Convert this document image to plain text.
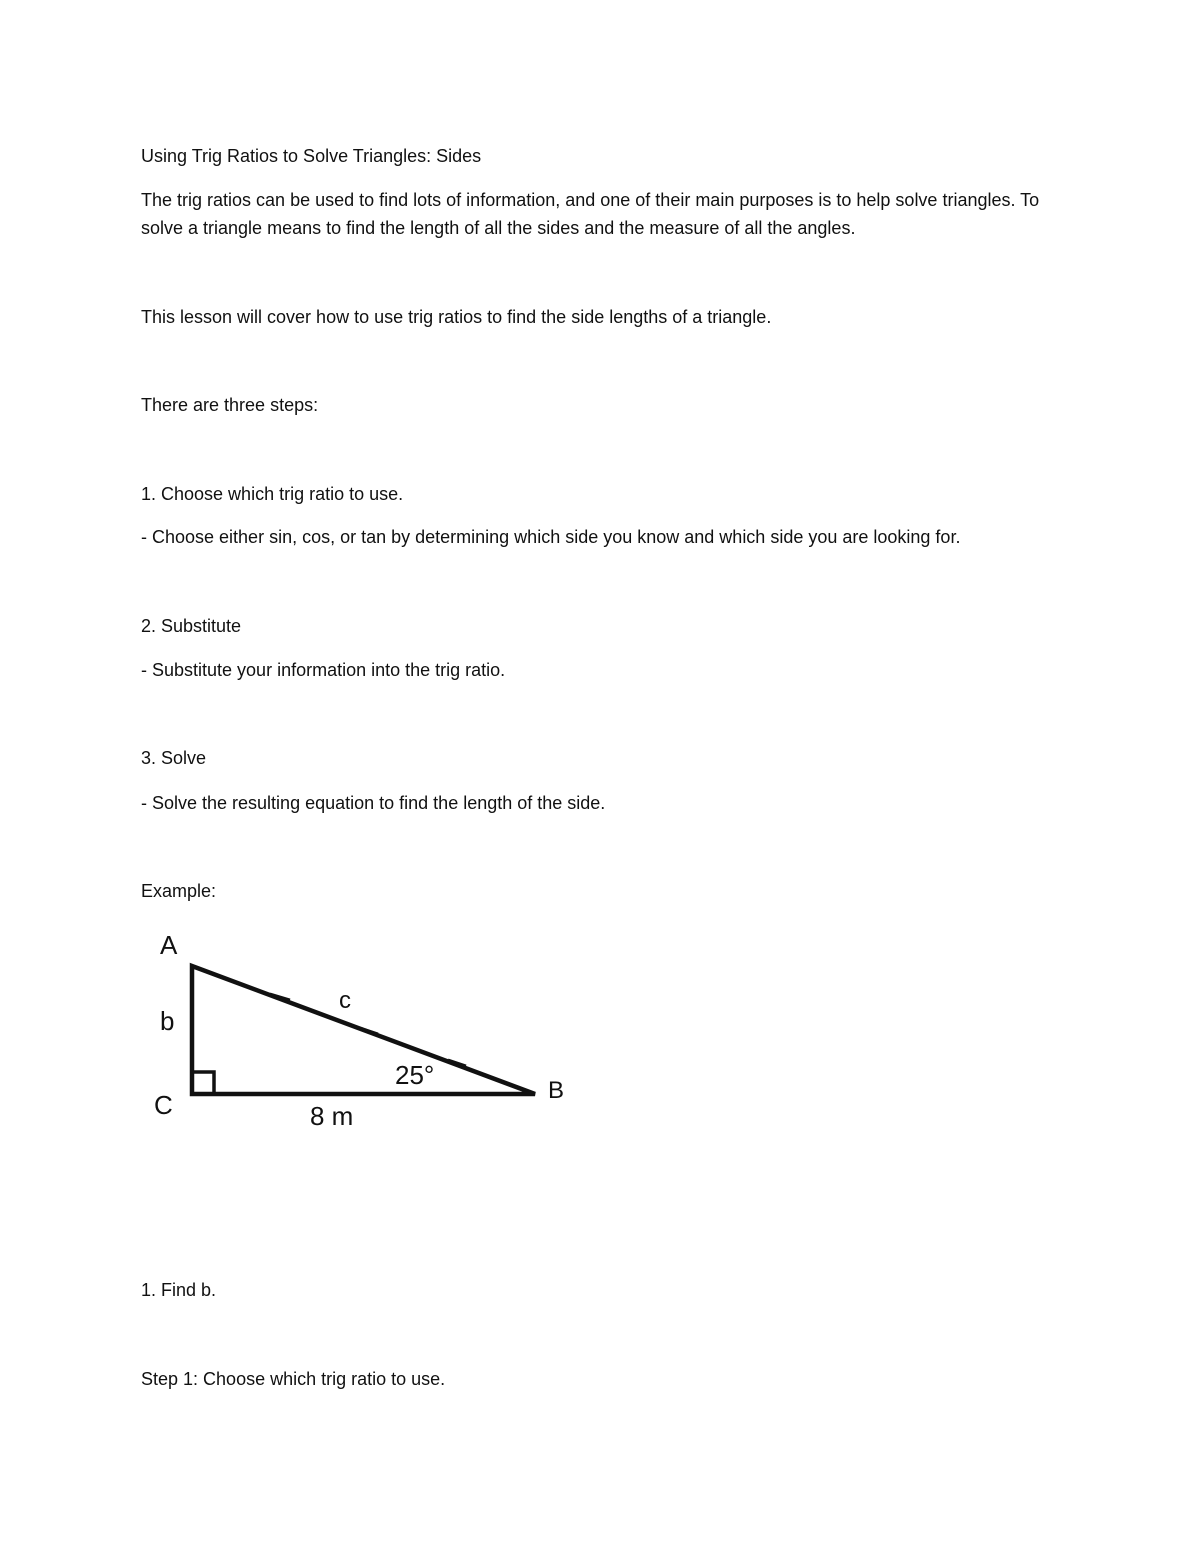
Using Trig Ratios to Solve Triangles: Sides
The trig ratios can be used to find lots of information, and one of their main purposes is to help solve triangles. To solve a triangle means to find the length of all the sides and the measure of all the angles.
This lesson will cover how to use trig ratios to find the side lengths of a triangle.
There are three steps:
1. Choose which trig ratio to use.
- Choose either sin, cos, or tan by determining which side you know and which side you are looking for.
2. Substitute
- Substitute your information into the trig ratio.
3. Solve
- Solve the resulting equation to find the length of the side.
Example:
A
b
C
c
25°
B
8 m
1. Find b.
Step 1: Choose which trig ratio to use.
